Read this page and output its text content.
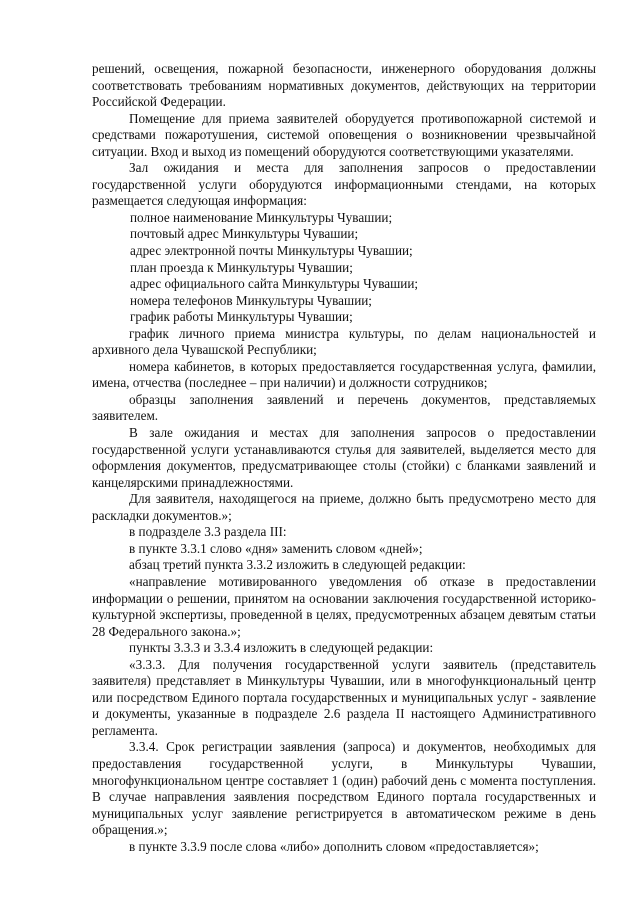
решений, освещения, пожарной безопасности, инженерного оборудования должны соответствовать требованиям нормативных документов, действующих на территории Российской Федерации.

Помещение для приема заявителей оборудуется противопожарной системой и средствами пожаротушения, системой оповещения о возникновении чрезвычайной ситуации. Вход и выход из помещений оборудуются соответствующими указателями.

Зал ожидания и места для заполнения запросов о предоставлении государственной услуги оборудуются информационными стендами, на которых размещается следующая информация:

полное наименование Минкультуры Чувашии;

почтовый адрес Минкультуры Чувашии;

адрес электронной почты Минкультуры Чувашии;

план проезда к Минкультуры Чувашии;

адрес официального сайта Минкультуры Чувашии;

номера телефонов Минкультуры Чувашии;

график работы Минкультуры Чувашии;

график личного приема министра культуры, по делам национальностей и архивного дела Чувашской Республики;

номера кабинетов, в которых предоставляется государственная услуга, фамилии, имена, отчества (последнее – при наличии) и должности сотрудников;

образцы заполнения заявлений и перечень документов, представляемых заявителем.

В зале ожидания и местах для заполнения запросов о предоставлении государственной услуги устанавливаются стулья для заявителей, выделяется место для оформления документов, предусматривающее столы (стойки) с бланками заявлений и канцелярскими принадлежностями.

Для заявителя, находящегося на приеме, должно быть предусмотрено место для раскладки документов.»;

в подразделе 3.3 раздела III:

в пункте 3.3.1 слово «дня» заменить словом «дней»;

абзац третий пункта 3.3.2 изложить в следующей редакции:

«направление мотивированного уведомления об отказе в предоставлении информации о решении, принятом на основании заключения государственной историко-культурной экспертизы, проведенной в целях, предусмотренных абзацем девятым статьи 28 Федерального закона.»;

пункты 3.3.3 и 3.3.4 изложить в следующей редакции:

«3.3.3. Для получения государственной услуги заявитель (представитель заявителя) представляет в Минкультуры Чувашии, или в многофункциональный центр или посредством Единого портала государственных и муниципальных услуг - заявление и документы, указанные в подразделе 2.6 раздела II настоящего Административного регламента.

3.3.4. Срок регистрации заявления (запроса) и документов, необходимых для предоставления государственной услуги, в Минкультуры Чувашии, многофункциональном центре составляет 1 (один) рабочий день с момента поступления. В случае направления заявления посредством Единого портала государственных и муниципальных услуг заявление регистрируется в автоматическом режиме в день обращения.»;

в пункте 3.3.9 после слова «либо» дополнить словом «предоставляется»;
